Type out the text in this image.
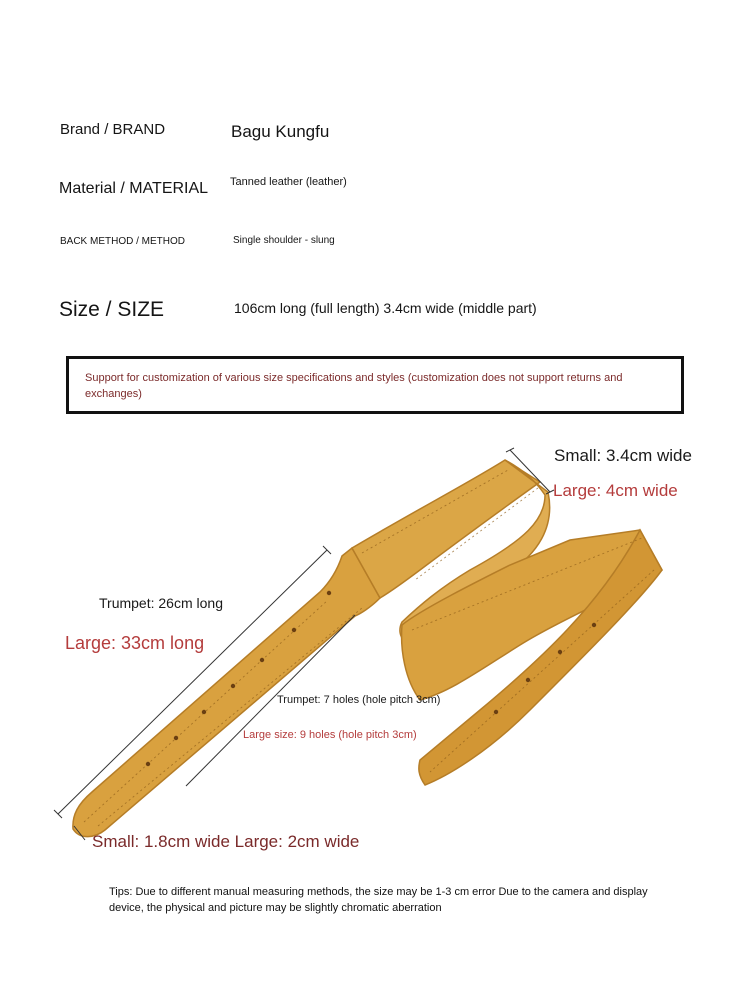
Brand / BRAND	Bagu Kungfu
Material / MATERIAL Tanned leather (leather)
BACK METHOD / METHOD	Single shoulder - slung
Size / SIZE	106cm long (full length) 3.4cm wide (middle part)
Support for customization of various size specifications and styles (customization does not support returns and exchanges)
Small: 3.4cm wide
Large: 4cm wide
Trumpet: 26cm long
Large: 33cm long
Trumpet: 7 holes (hole pitch 3cm)
Large size: 9 holes (hole pitch 3cm)
Small: 1.8cm wide Large: 2cm wide
Tips: Due to different manual measuring methods, the size may be 1-3 cm error Due to the camera and display device, the physical and picture may be slightly chromatic aberration
